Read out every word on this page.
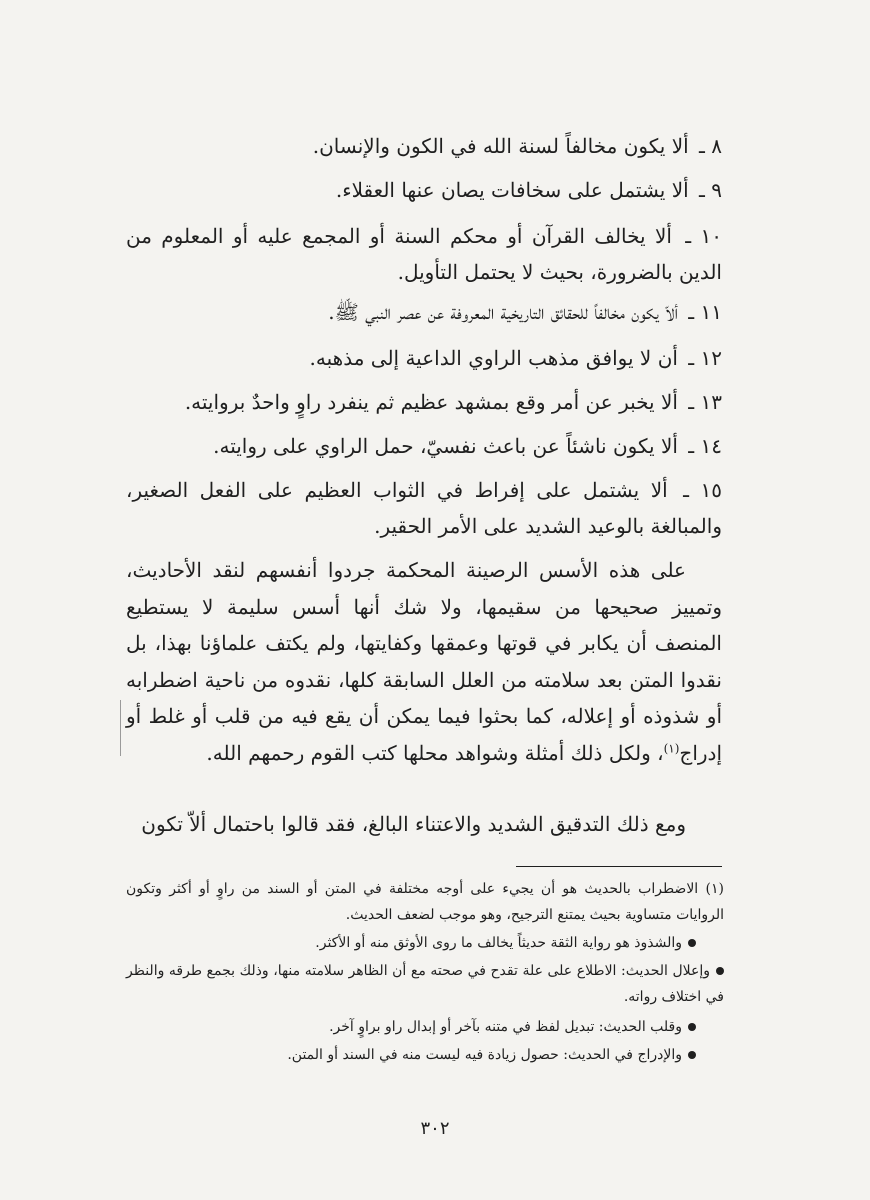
٨ ـ ألا يكون مخالفاً لسنة الله في الكون والإنسان.
٩ ـ ألا يشتمل على سخافات يصان عنها العقلاء.
١٠ ـ ألا يخالف القرآن أو محكم السنة أو المجمع عليه أو المعلوم من الدين بالضرورة، بحيث لا يحتمل التأويل.
١١ ـ ألاّ يكون مخالفاً للحقائق التاريخية المعروفة عن عصر النبي ﷺ.
١٢ ـ أن لا يوافق مذهب الراوي الداعية إلى مذهبه.
١٣ ـ ألا يخبر عن أمر وقع بمشهد عظيم ثم ينفرد راوٍ واحدٌ بروايته.
١٤ ـ ألا يكون ناشئاً عن باعث نفسيّ، حمل الراوي على روايته.
١٥ ـ ألا يشتمل على إفراط في الثواب العظيم على الفعل الصغير، والمبالغة بالوعيد الشديد على الأمر الحقير.
على هذه الأسس الرصينة المحكمة جردوا أنفسهم لنقد الأحاديث، وتمييز صحيحها من سقيمها، ولا شك أنها أسس سليمة لا يستطيع المنصف أن يكابر في قوتها وعمقها وكفايتها، ولم يكتف علماؤنا بهذا، بل نقدوا المتن بعد سلامته من العلل السابقة كلها، نقدوه من ناحية اضطرابه أو شذوذه أو إعلاله، كما بحثوا فيما يمكن أن يقع فيه من قلب أو غلط أو إدراج$^{(١)}$، ولكل ذلك أمثلة وشواهد محلها كتب القوم رحمهم الله.
ومع ذلك التدقيق الشديد والاعتناء البالغ، فقد قالوا باحتمال ألاّ تكون
(١) الاضطراب بالحديث هو أن يجيء على أوجه مختلفة في المتن أو السند من راوٍ أو أكثر وتكون الروايات متساوية بحيث يمتنع الترجيح، وهو موجب لضعف الحديث.
والشذوذ هو رواية الثقة حديثاً يخالف ما روى الأوثق منه أو الأكثر.
وإعلال الحديث: الاطلاع على علة تقدح في صحته مع أن الظاهر سلامته منها، وذلك بجمع طرقه والنظر في اختلاف رواته.
وقلب الحديث: تبديل لفظ في متنه بآخر أو إبدال راو براوٍ آخر.
والإدراج في الحديث: حصول زيادة فيه ليست منه في السند أو المتن.
٣٠٢
